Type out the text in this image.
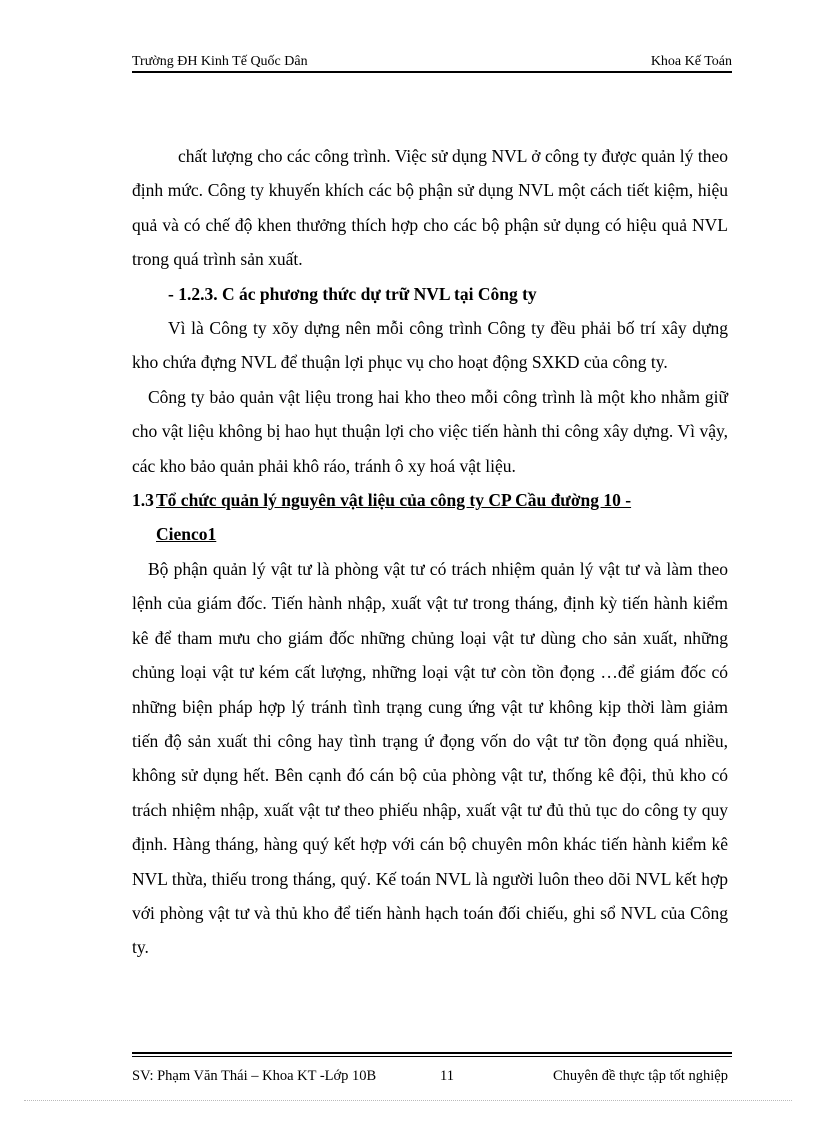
Trường ĐH Kinh Tế Quốc Dân	Khoa Kế Toán

chất lượng cho các công trình. Việc sử dụng NVL ở công ty được quản lý theo định mức. Công ty khuyến khích các bộ phận sử dụng NVL một cách tiết kiệm, hiệu quả và có chế độ khen thưởng thích hợp cho các bộ phận sử dụng có hiệu quả NVL trong quá trình sản xuất.

- 1.2.3. C ác phương thức dự trữ NVL tại Công ty

Vì là Công ty xõy dựng nên mỗi công trình Công ty đều phải bố trí xây dựng kho chứa đựng NVL để thuận lợi phục vụ cho hoạt động SXKD của công ty.

Công ty bảo quản vật liệu trong hai kho theo mỗi công trình là một kho nhằm giữ cho vật liệu không bị hao hụt thuận lợi cho việc tiến hành thi công xây dựng. Vì vậy, các kho bảo quản phải khô ráo, tránh ô xy hoá vật liệu.

1.3 Tổ chức quản lý nguyên vật liệu của công ty CP Cầu đường 10 -
Cienco1

Bộ phận quản lý vật tư là phòng vật tư có trách nhiệm quản lý vật tư và làm theo lệnh của giám đốc. Tiến hành nhập, xuất vật tư trong tháng, định kỳ tiến hành kiểm kê để tham mưu cho giám đốc những chủng loại vật tư dùng cho sản xuất, những chủng loại vật tư kém cất lượng, những loại vật tư còn tồn đọng …để giám đốc có những biện pháp hợp lý tránh tình trạng cung ứng vật tư không kịp thời làm giảm tiến độ sản xuất thi công hay tình trạng ứ đọng vốn do vật tư tồn đọng quá nhiều, không sử dụng hết. Bên cạnh đó cán bộ của phòng vật tư, thống kê đội, thủ kho có trách nhiệm nhập, xuất vật tư theo phiếu nhập, xuất vật tư đủ thủ tục do công ty quy định. Hàng tháng, hàng quý kết hợp với cán bộ chuyên môn khác tiến hành kiểm kê NVL thừa, thiếu trong tháng, quý. Kế toán NVL là người luôn theo dõi NVL kết hợp với phòng vật tư và thủ kho để tiến hành hạch toán đối chiếu, ghi sổ NVL của Công ty.

SV: Phạm Văn Thái – Khoa KT -Lớp 10B	11	Chuyên đề thực tập tốt nghiệp
